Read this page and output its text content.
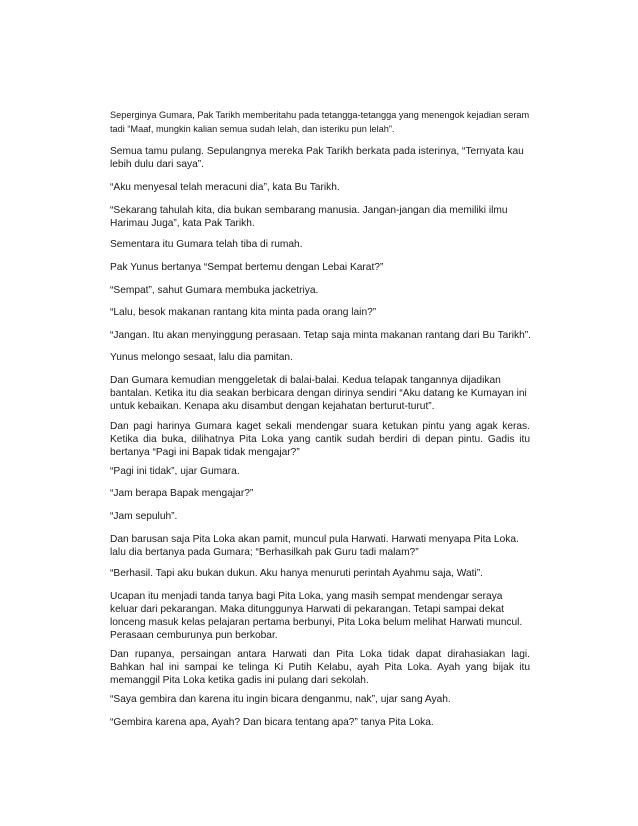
Seperginya Gumara, Pak Tarikh memberitahu pada tetangga-tetangga yang menengok kejadian seram tadi “Maaf, mungkin kalian semua sudah lelah, dan isteriku pun lelah”.

Semua tamu pulang. Sepulangnya mereka Pak Tarikh berkata pada isterinya, “Ternyata kau lebih dulu dari saya”.

“Aku menyesal telah meracuni dia”, kata Bu Tarikh.

“Sekarang tahulah kita, dia bukan sembarang manusia. Jangan-jangan dia memiliki ilmu Harimau Juga”, kata Pak Tarikh.

Sementara itu Gumara telah tiba di rumah.

Pak Yunus bertanya “Sempat bertemu dengan Lebai Karat?”

“Sempat”, sahut Gumara membuka jacketriya.

“Lalu, besok makanan rantang kita minta pada orang lain?”

“Jangan. Itu akan menyinggung perasaan. Tetap saja minta makanan rantang dari Bu Tarikh”.

Yunus melongo sesaat, lalu dia pamitan.

Dan Gumara kemudian menggeletak di balai-balai. Kedua telapak tangannya dijadikan bantalan. Ketika itu dia seakan berbicara dengan dirinya sendiri “Aku datang ke Kumayan ini untuk kebaikan. Kenapa aku disambut dengan kejahatan berturut-turut”.

Dan pagi harinya Gumara kaget sekali mendengar suara ketukan pintu yang agak keras. Ketika dia buka, dilihatnya Pita Loka yang cantik sudah berdiri di depan pintu. Gadis itu bertanya “Pagi ini Bapak tidak mengajar?”

“Pagi ini tidak”, ujar Gumara.

“Jam berapa Bapak mengajar?”

“Jam sepuluh”.

Dan barusan saja Pita Loka akan pamit, muncul pula Harwati. Harwati menyapa Pita Loka. lalu dia bertanya pada Gumara; “Berhasilkah pak Guru tadi malam?”

“Berhasil. Tapi aku bukan dukun. Aku hanya menuruti perintah Ayahmu saja, Wati”.

Ucapan itu menjadi tanda tanya bagi Pita Loka, yang masih sempat mendengar seraya keluar dari pekarangan. Maka ditunggunya Harwati di pekarangan. Tetapi sampai dekat lonceng masuk kelas pelajaran pertama berbunyi, Pita Loka belum melihat Harwati muncul. Perasaan cemburunya pun berkobar.

Dan rupanya, persaingan antara Harwati dan Pita Loka tidak dapat dirahasiakan lagi. Bahkan hal ini sampai ke telinga Ki Putih Kelabu, ayah Pita Loka. Ayah yang bijak itu memanggil Pita Loka ketika gadis ini pulang dari sekolah.

“Saya gembira dan karena itu ingin bicara denganmu, nak”, ujar sang Ayah.

“Gembira karena apa, Ayah? Dan bicara tentang apa?” tanya Pita Loka.
